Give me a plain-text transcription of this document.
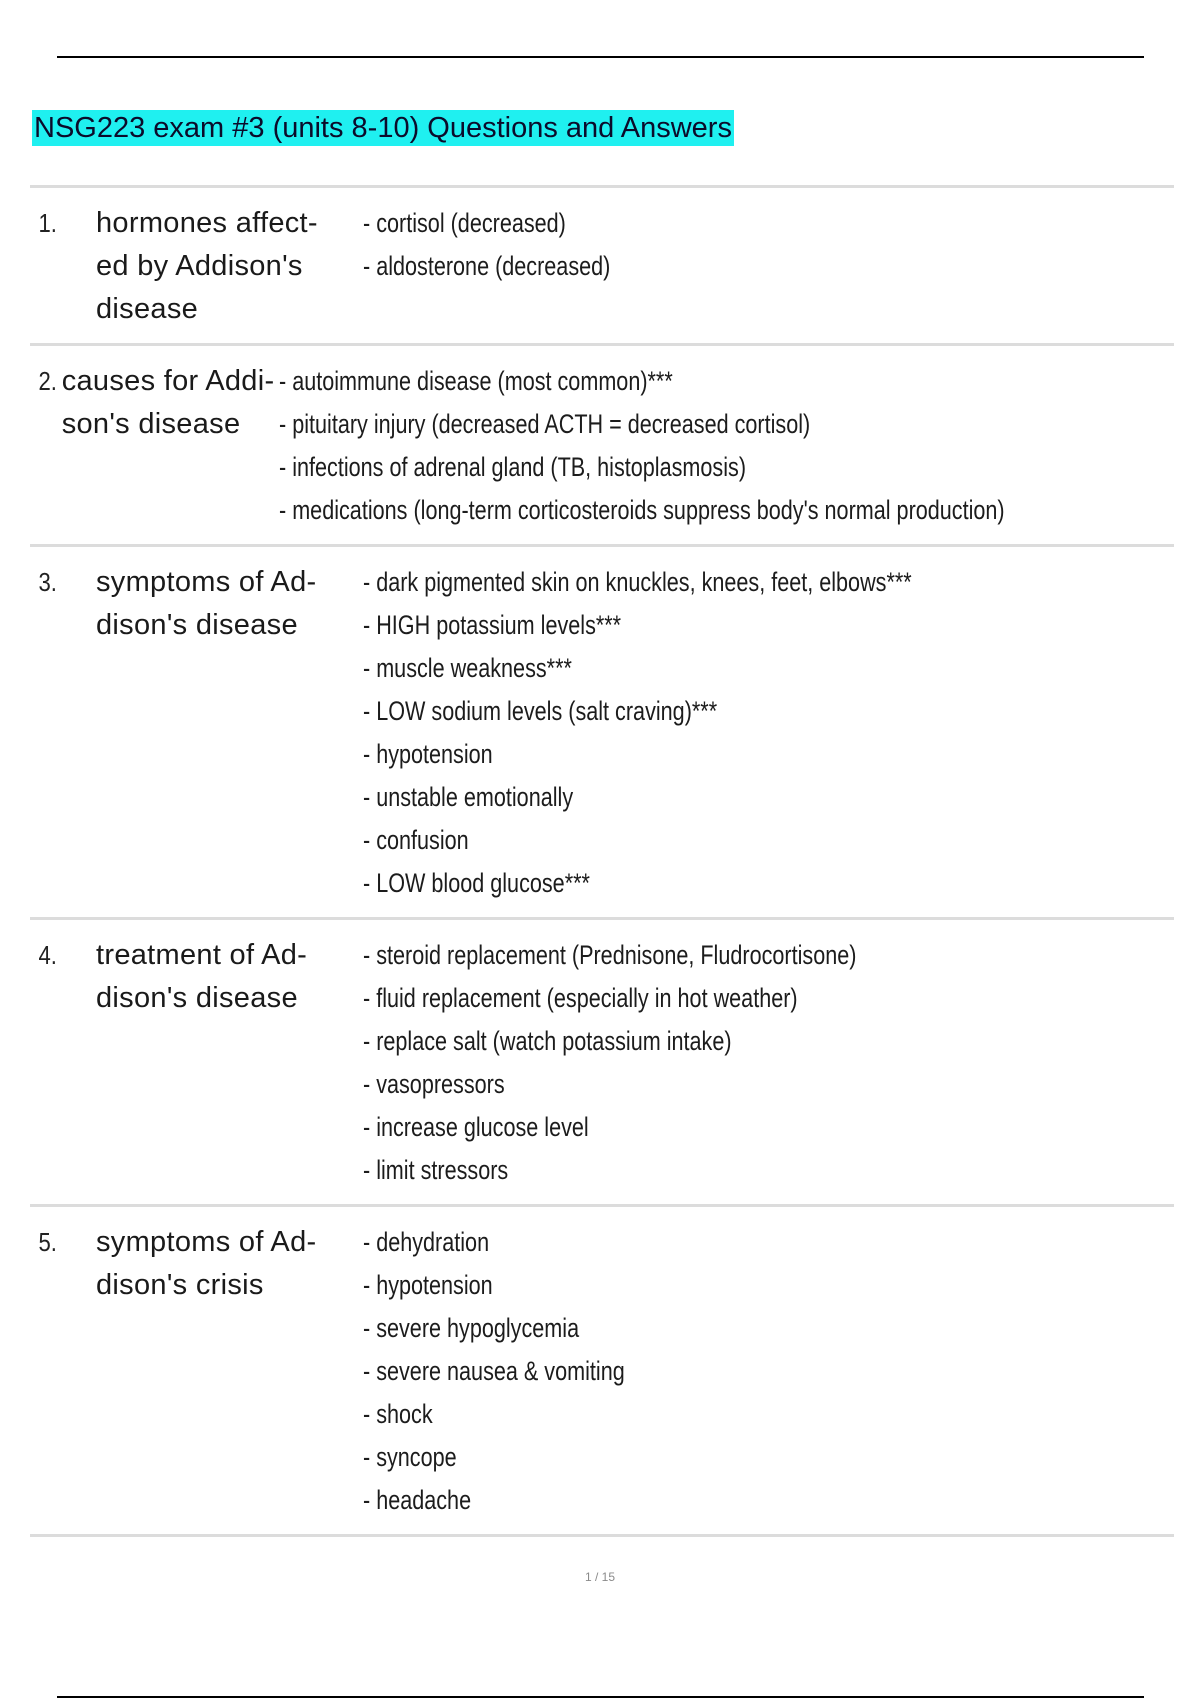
NSG223 exam #3 (units 8-10) Questions and Answers
1.	hormones affect-
ed by Addison's
disease
- cortisol (decreased)
- aldosterone (decreased)
2. causes for Addi-
son's disease
- autoimmune disease (most common)***
- pituitary injury (decreased ACTH = decreased cortisol)
- infections of adrenal gland (TB, histoplasmosis)
- medications (long-term corticosteroids suppress body's normal production)
3.	symptoms of Ad-
dison's disease
- dark pigmented skin on knuckles, knees, feet, elbows***
- HIGH potassium levels***
- muscle weakness***
- LOW sodium levels (salt craving)***
- hypotension
- unstable emotionally
- confusion
- LOW blood glucose***
4.	treatment of Ad-
dison's disease
- steroid replacement (Prednisone, Fludrocortisone)
- fluid replacement (especially in hot weather)
- replace salt (watch potassium intake)
- vasopressors
- increase glucose level
- limit stressors
5.	symptoms of Ad-
dison's crisis
- dehydration
- hypotension
- severe hypoglycemia
- severe nausea & vomiting
- shock
- syncope
- headache
1 / 15
